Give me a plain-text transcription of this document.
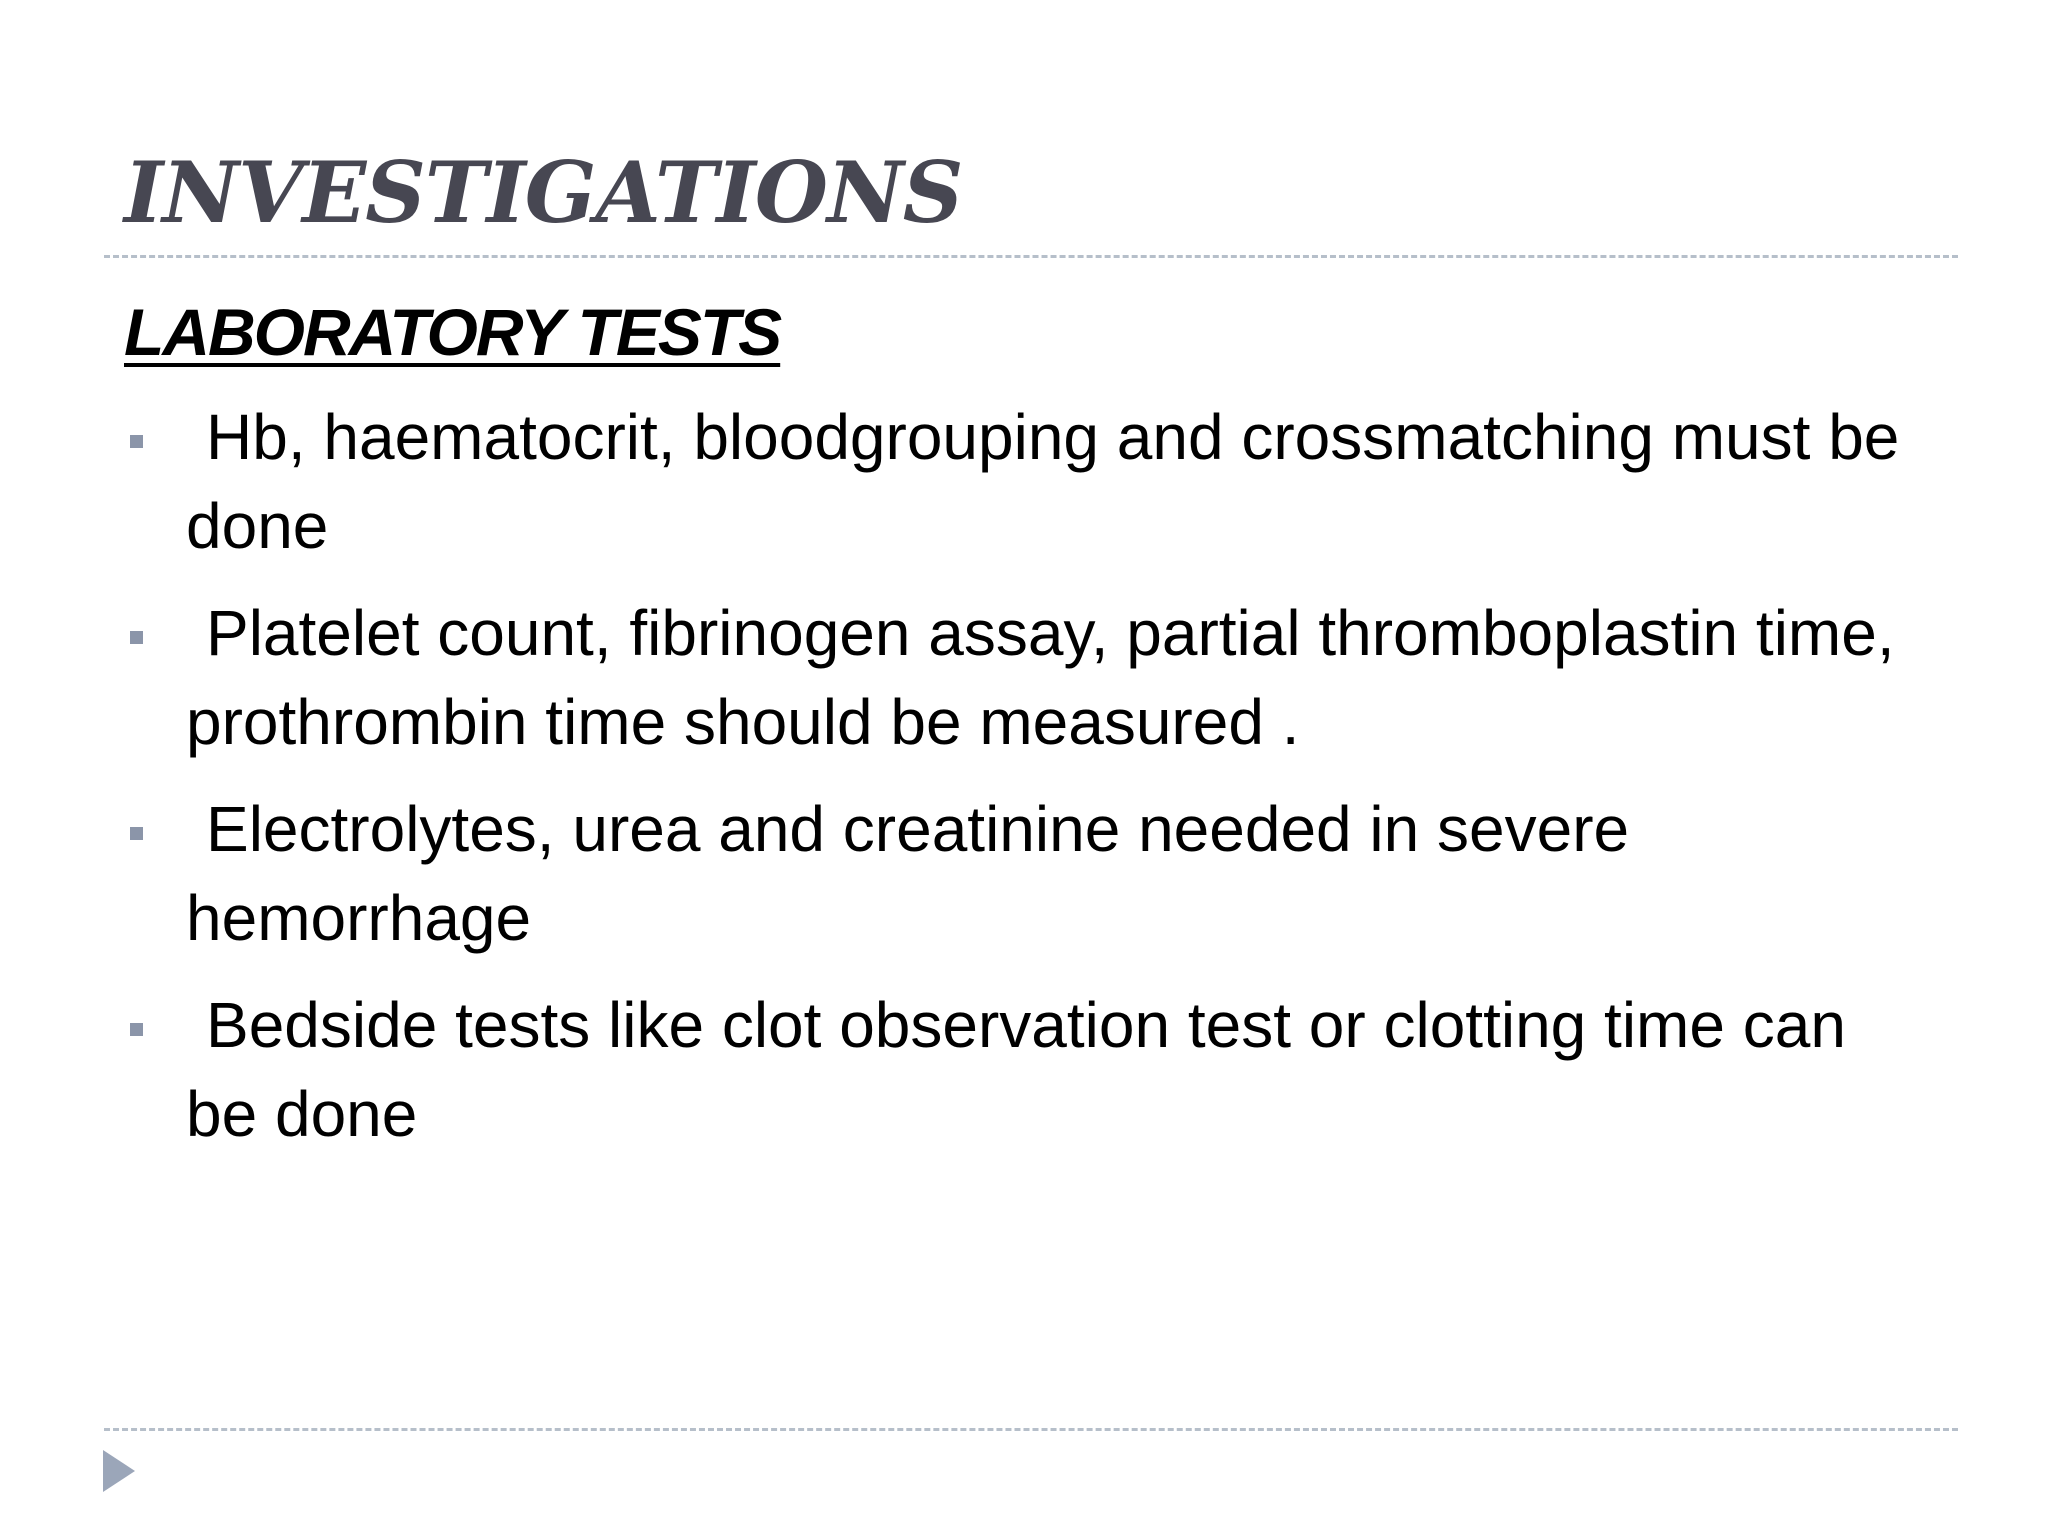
INVESTIGATIONS
LABORATORY TESTS
Hb, haematocrit, bloodgrouping and crossmatching must be done
Platelet count, fibrinogen assay, partial thromboplastin time, prothrombin time should be measured .
Electrolytes, urea and creatinine needed in severe hemorrhage
Bedside tests like clot observation test or clotting time can be done
